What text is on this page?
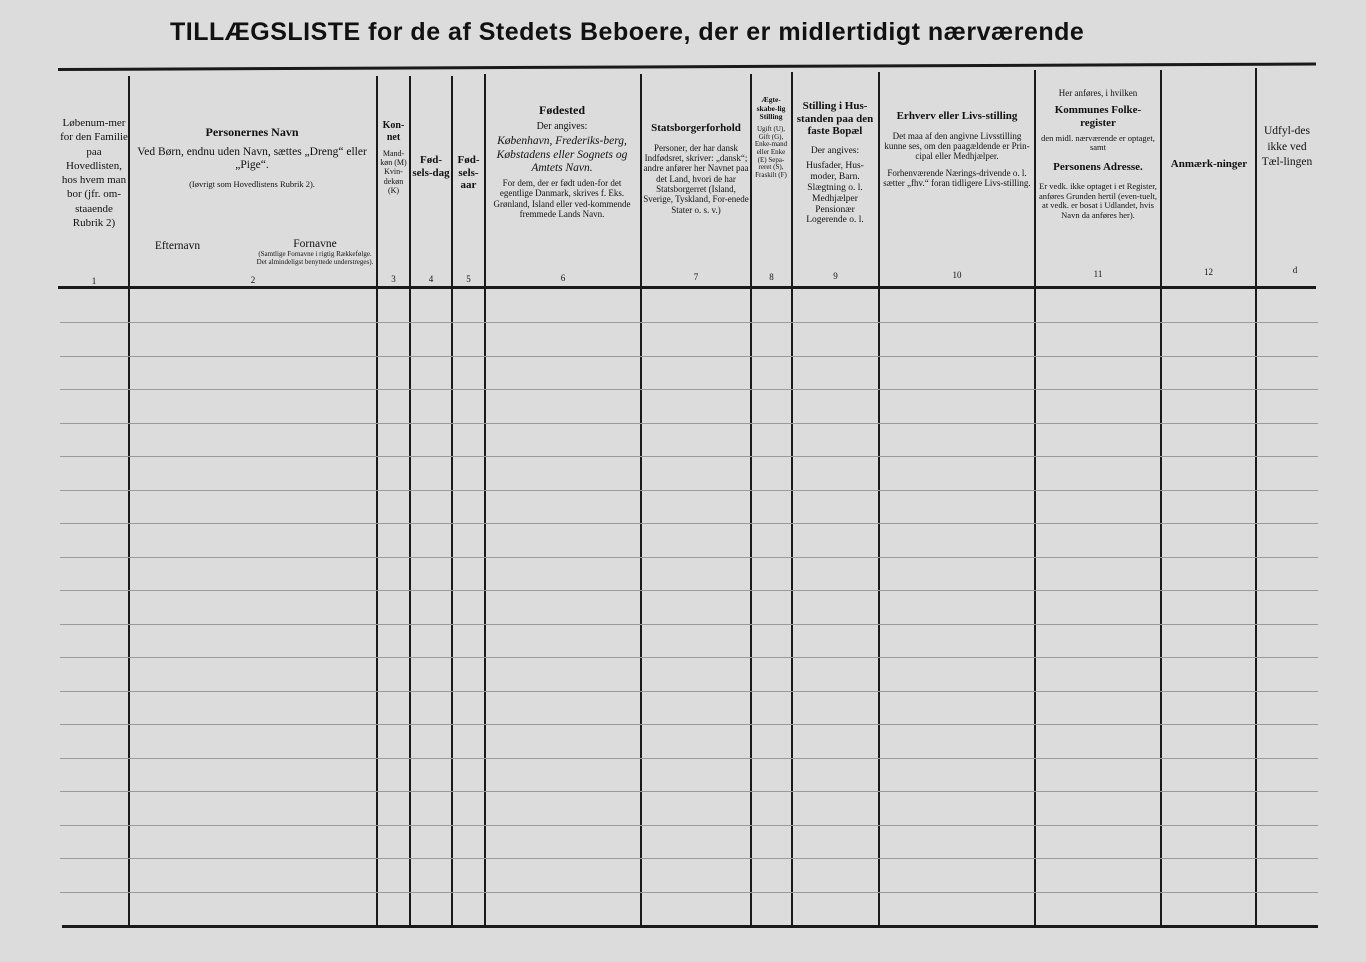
TILLÆGSLISTE for de af Stedets Beboere, der er midlertidigt nærværende
Løbenum-mer for den Familie paa Hovedlisten, hos hvem man bor (jfr. om-staaende Rubrik 2)
Personernes Navn
Ved Børn, endnu uden Navn, sættes „Dreng“ eller „Pige“.
(Iøvrigt som Hovedlistens Rubrik 2).
Efternavn	Fornavne
(Samtlige Fornavne i rigtig Rækkefølge. Det almindeligst benyttede understreges).
Kon-net
Mand-køn (M) Kvin-dekøn (K)
Fød-sels-dag
Fød-sels-aar
Fødested
Der angives:
København, Frederiks-berg, Købstadens eller Sognets og Amtets Navn.
For dem, der er født uden-for det egentlige Danmark, skrives f. Eks. Grønland, Island eller ved-kommende fremmede Lands Navn.
Statsborgerforhold
Personer, der har dansk Indfødsret, skriver: „dansk“; andre anfører her Navnet paa det Land, hvori de har Statsborgerret (Island, Sverige, Tyskland, For-enede Stater o. s. v.)
Ægte-skabe-lig Stilling
Ugift (U), Gift (G), Enke-mand eller Enke (E) Sepa-reret (S), Fraskilt (F)
Stilling i Hus-standen paa den faste Bopæl
Der angives:
Husfader, Hus-moder, Barn. Slægtning o. l. Medhjælper Pensionær Logerende o. l.
Erhverv eller Livs-stilling
Det maa af den angivne Livsstilling kunne ses, om den paagældende er Prin-cipal eller Medhjælper.
Forhenværende Nærings-drivende o. l. sætter „fhv.“ foran tidligere Livs-stilling.
Her anføres, i hvilken
Kommunes Folke-register
den midl. nærværende er optaget, samt
Personens Adresse.
Er vedk. ikke optaget i et Register, anføres Grunden hertil (even-tuelt, at vedk. er bosat i Udlandet, hvis Navn da anføres her).
Anmærk-ninger
Udfyl-des ikke ved Tæl-lingen
1	2	3	4	5	6	7	8	9	10	11	12	d
